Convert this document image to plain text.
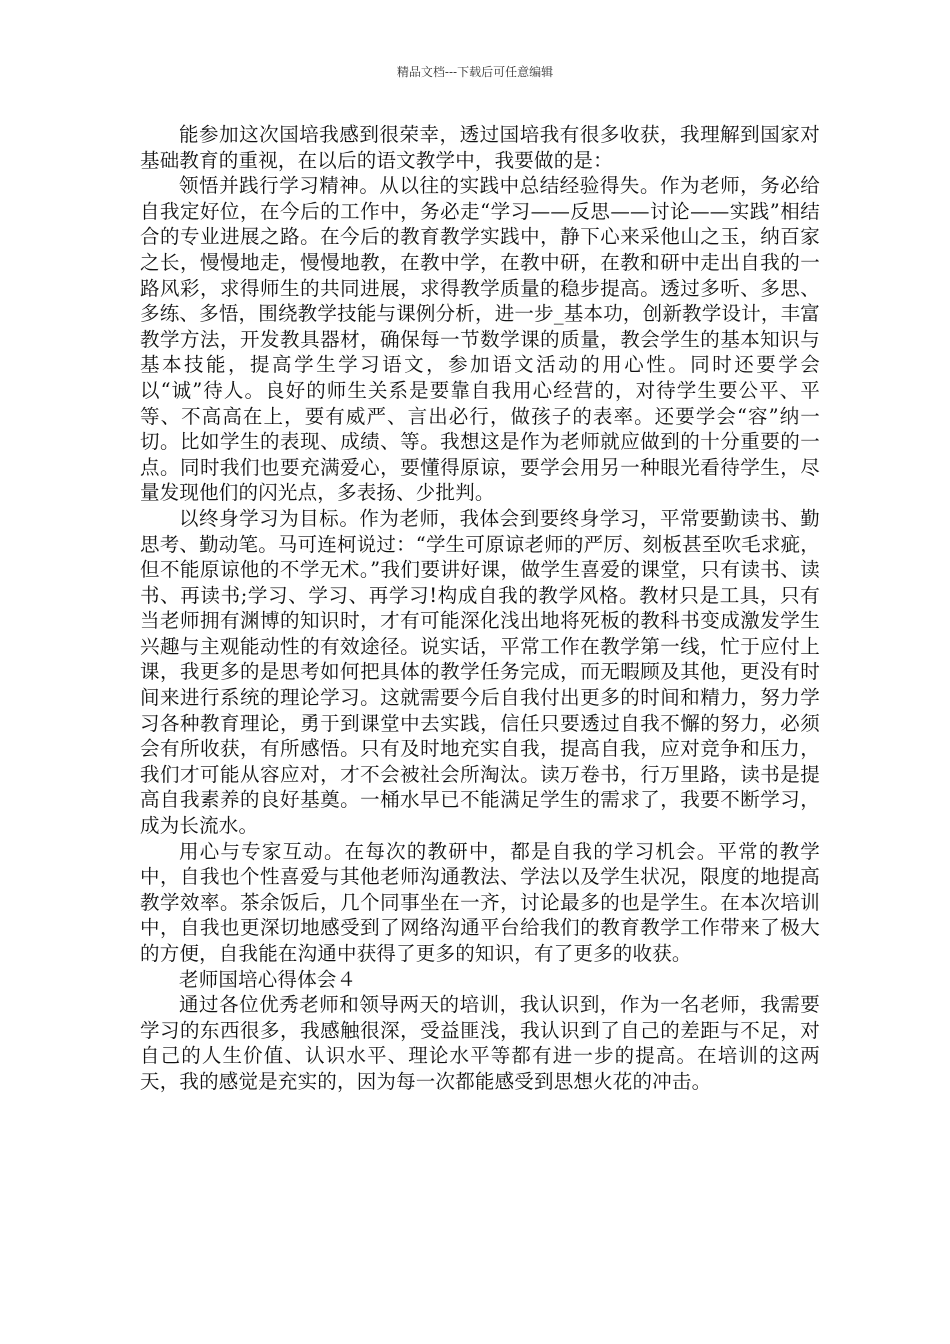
精品文档---下载后可任意编辑

能参加这次国培我感到很荣幸，透过国培我有很多收获，我理解到国家对基础教育的重视，在以后的语文教学中，我要做的是：

领悟并践行学习精神。从以往的实践中总结经验得失。作为老师，务必给自我定好位，在今后的工作中，务必走“学习——反思——讨论——实践”相结合的专业进展之路。在今后的教育教学实践中，静下心来采他山之玉，纳百家之长，慢慢地走，慢慢地教，在教中学，在教中研，在教和研中走出自我的一路风彩，求得师生的共同进展，求得教学质量的稳步提高。透过多听、多思、多练、多悟，围绕教学技能与课例分析，进一步_基本功，创新教学设计，丰富教学方法，开发教具器材，确保每一节数学课的质量，教会学生的基本知识与基本技能，提高学生学习语文，参加语文活动的用心性。同时还要学会以“诚”待人。良好的师生关系是要靠自我用心经营的，对待学生要公平、平等、不高高在上，要有威严、言出必行，做孩子的表率。还要学会“容”纳一切。比如学生的表现、成绩、等。我想这是作为老师就应做到的十分重要的一点。同时我们也要充满爱心，要懂得原谅，要学会用另一种眼光看待学生，尽量发现他们的闪光点，多表扬、少批判。

以终身学习为目标。作为老师，我体会到要终身学习，平常要勤读书、勤思考、勤动笔。马可连柯说过：“学生可原谅老师的严厉、刻板甚至吹毛求疵，但不能原谅他的不学无术。”我们要讲好课，做学生喜爱的课堂，只有读书、读书、再读书;学习、学习、再学习!构成自我的教学风格。教材只是工具，只有当老师拥有渊博的知识时，才有可能深化浅出地将死板的教科书变成激发学生兴趣与主观能动性的有效途径。说实话，平常工作在教学第一线，忙于应付上课，我更多的是思考如何把具体的教学任务完成，而无暇顾及其他，更没有时间来进行系统的理论学习。这就需要今后自我付出更多的时间和精力，努力学习各种教育理论，勇于到课堂中去实践，信任只要透过自我不懈的努力，必须会有所收获，有所感悟。只有及时地充实自我，提高自我，应对竞争和压力，我们才可能从容应对，才不会被社会所淘汰。读万卷书，行万里路，读书是提高自我素养的良好基奠。一桶水早已不能满足学生的需求了，我要不断学习，成为长流水。

用心与专家互动。在每次的教研中，都是自我的学习机会。平常的教学中，自我也个性喜爱与其他老师沟通教法、学法以及学生状况，限度的地提高教学效率。茶余饭后，几个同事坐在一齐，讨论最多的也是学生。在本次培训中，自我也更深切地感受到了网络沟通平台给我们的教育教学工作带来了极大的方便，自我能在沟通中获得了更多的知识，有了更多的收获。

老师国培心得体会４

通过各位优秀老师和领导两天的培训，我认识到，作为一名老师，我需要学习的东西很多，我感触很深，受益匪浅，我认识到了自己的差距与不足，对自己的人生价值、认识水平、理论水平等都有进一步的提高。在培训的这两天，我的感觉是充实的，因为每一次都能感受到思想火花的冲击。
